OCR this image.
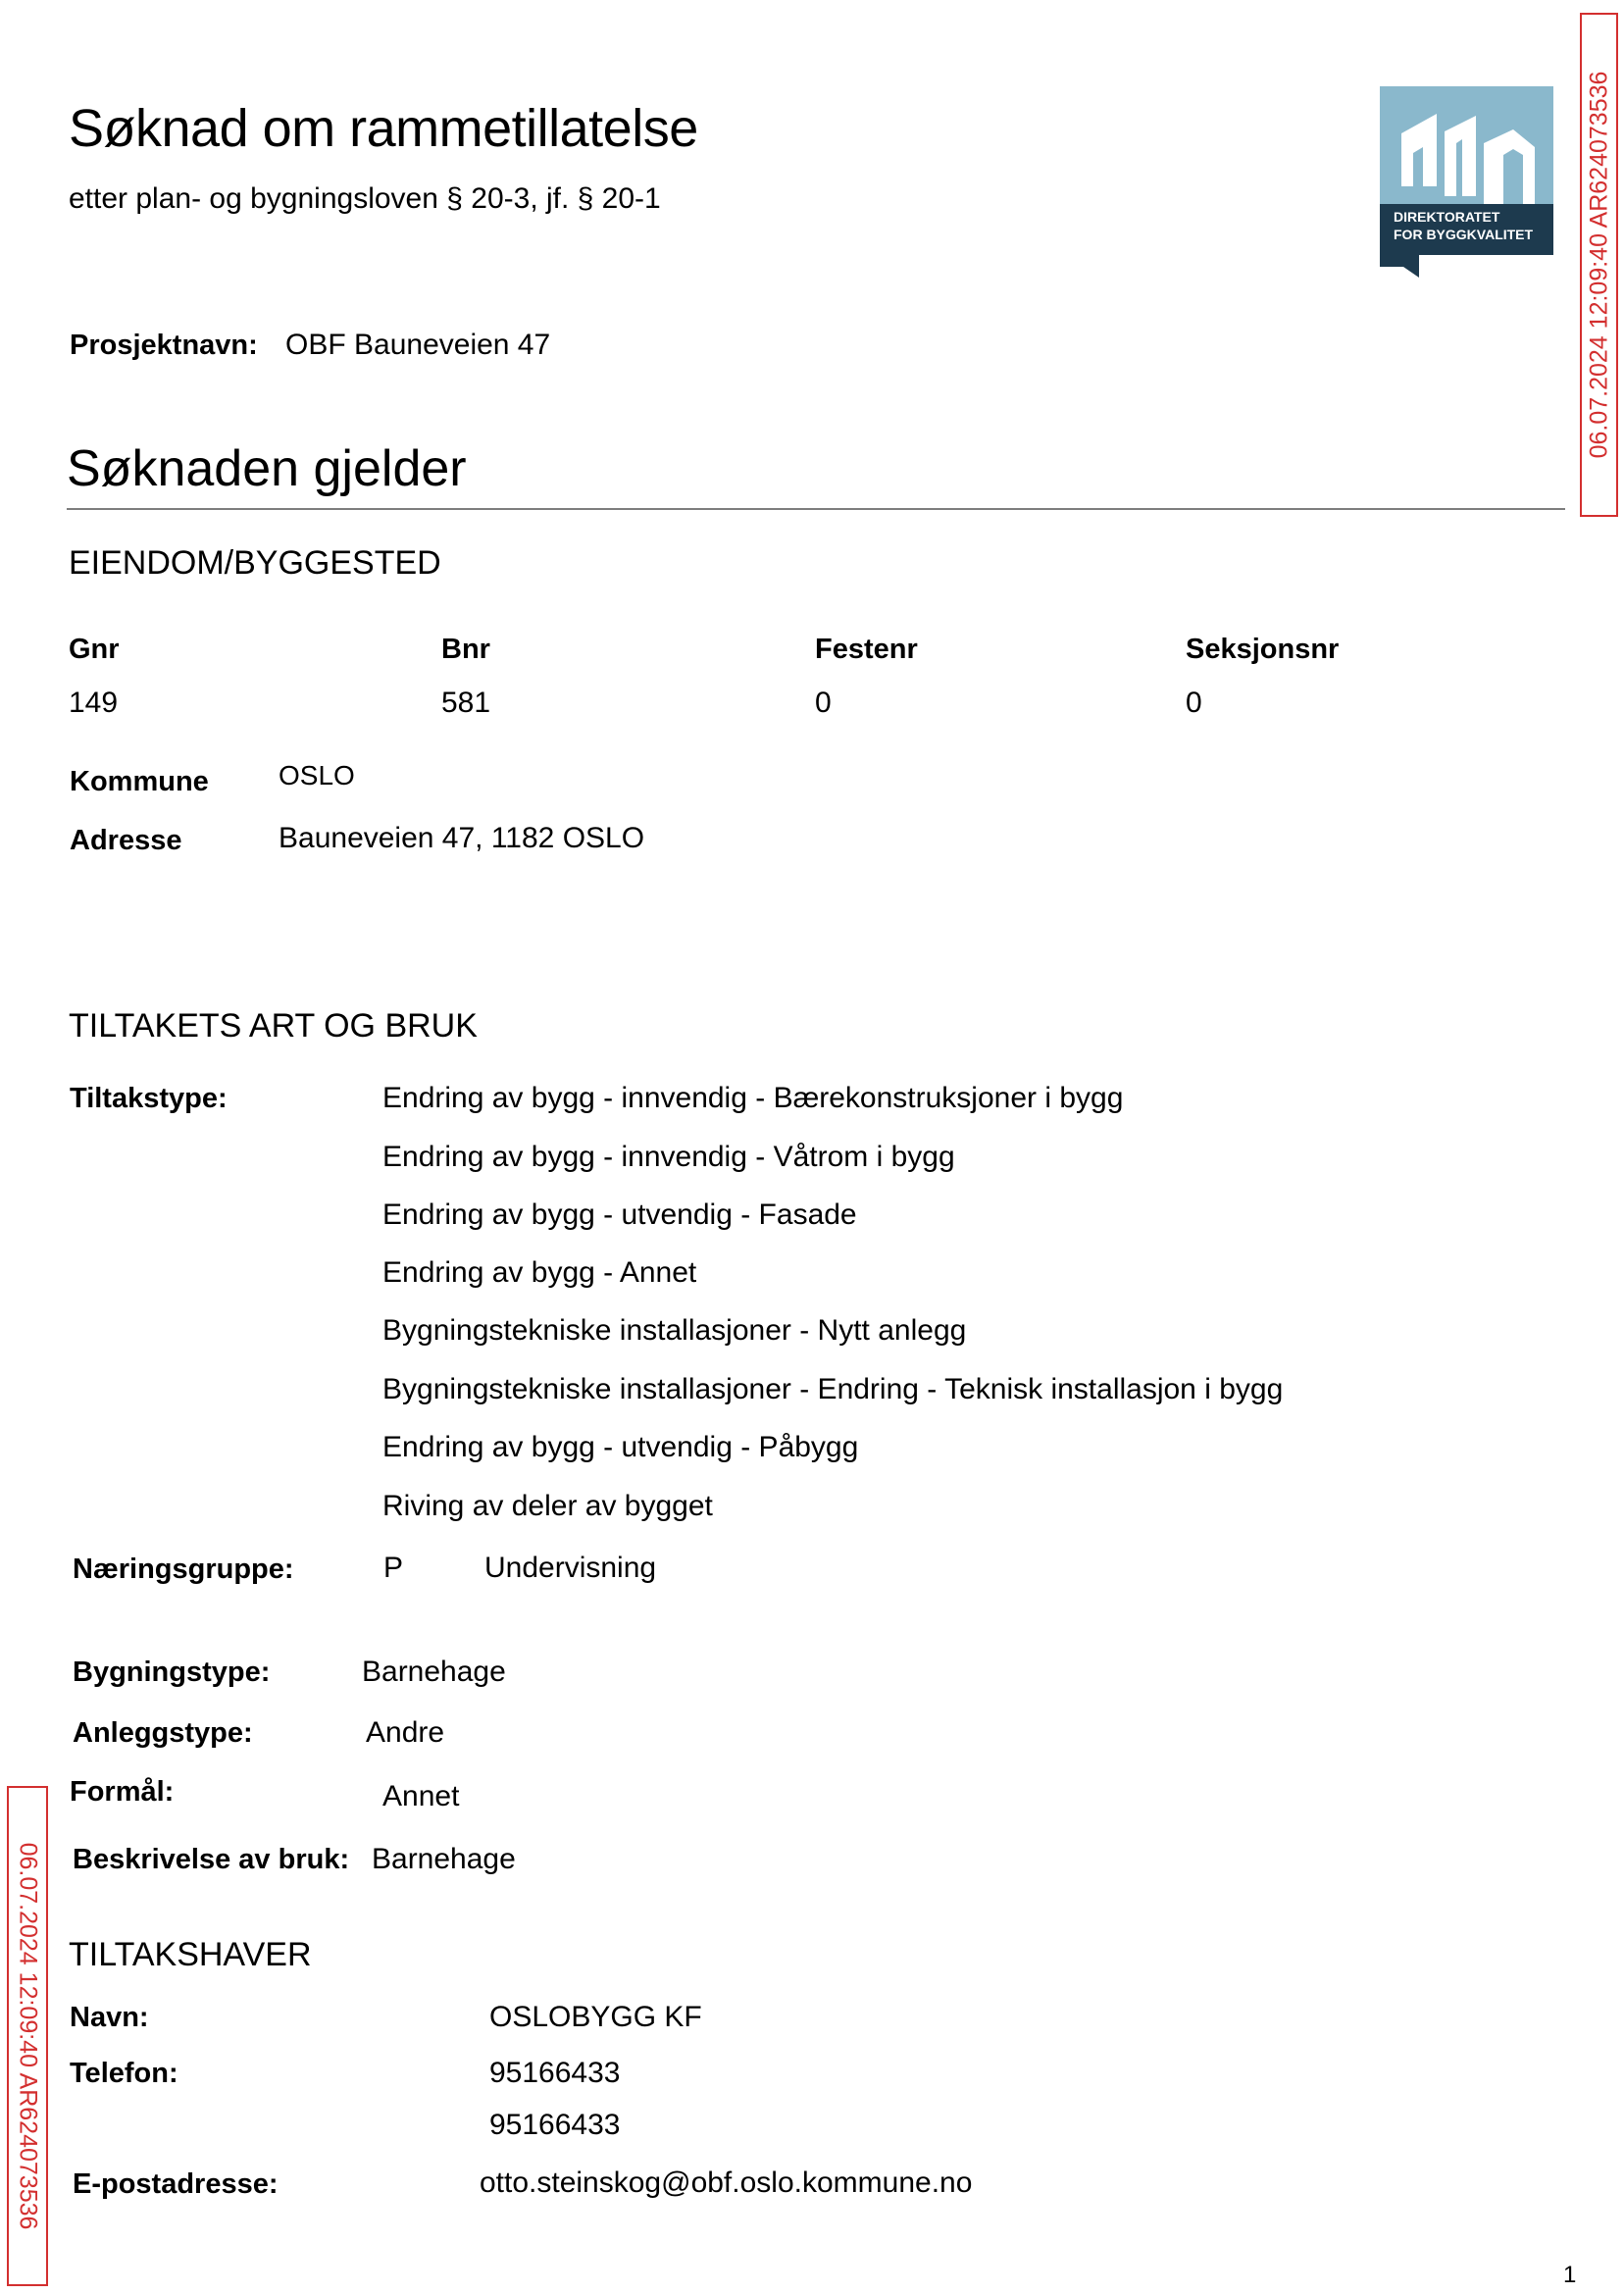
Søknad om rammetillatelse
etter plan- og bygningsloven § 20-3, jf. § 20-1
DIREKTORATET
FOR BYGGKVALITET
Prosjektnavn: OBF Bauneveien 47
Søknaden gjelder
EIENDOM/BYGGESTED
Gnr	Bnr	Festenr	Seksjonsnr
149	581	0	0
Kommune	OSLO
Adresse	Bauneveien 47, 1182 OSLO
TILTAKETS ART OG BRUK
Tiltakstype:	Endring av bygg - innvendig - Bærekonstruksjoner i bygg
Endring av bygg - innvendig - Våtrom i bygg
Endring av bygg - utvendig - Fasade
Endring av bygg - Annet
Bygningstekniske installasjoner - Nytt anlegg
Bygningstekniske installasjoner - Endring - Teknisk installasjon i bygg
Endring av bygg - utvendig - Påbygg
Riving av deler av bygget
Næringsgruppe:	P	Undervisning
Bygningstype:	Barnehage
Anleggstype:	Andre
Formål:	Annet
Beskrivelse av bruk: Barnehage
TILTAKSHAVER
Navn:	OSLOBYGG KF
Telefon:	95166433
95166433
E-postadresse:	otto.steinskog@obf.oslo.kommune.no
06.07.2024 12:09:40 AR624073536
06.07.2024 12:09:40 AR624073536
1
